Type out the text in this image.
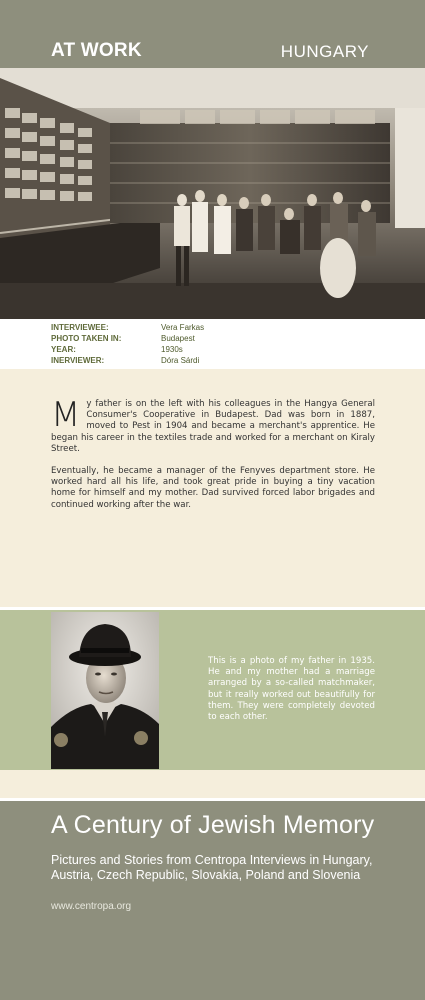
AT WORK	HUNGARY
INTERVIEWEE:	Vera Farkas
PHOTO TAKEN IN:	Budapest
YEAR:	1930s
INERVIEWER:	Dóra Sárdi

My father is on the left with his colleagues in the Hangya General Consumer's Cooperative in Budapest. Dad was born in 1887, moved to Pest in 1904 and became a merchant's apprentice. He began his career in the textiles trade and worked for a merchant on Kiraly Street.

Eventually, he became a manager of the Fenyves department store. He worked hard all his life, and took great pride in buying a tiny vacation home for himself and my mother. Dad survived forced labor brigades and continued working after the war.

This is a photo of my father in 1935. He and my mother had a marriage arranged by a so-called matchmaker, but it really worked out beautifully for them. They were completely devoted to each other.
A Century of Jewish Memory
Pictures and Stories from Centropa Interviews in Hungary, Austria, Czech Republic, Slovakia, Poland and Slovenia
www.centropa.org
